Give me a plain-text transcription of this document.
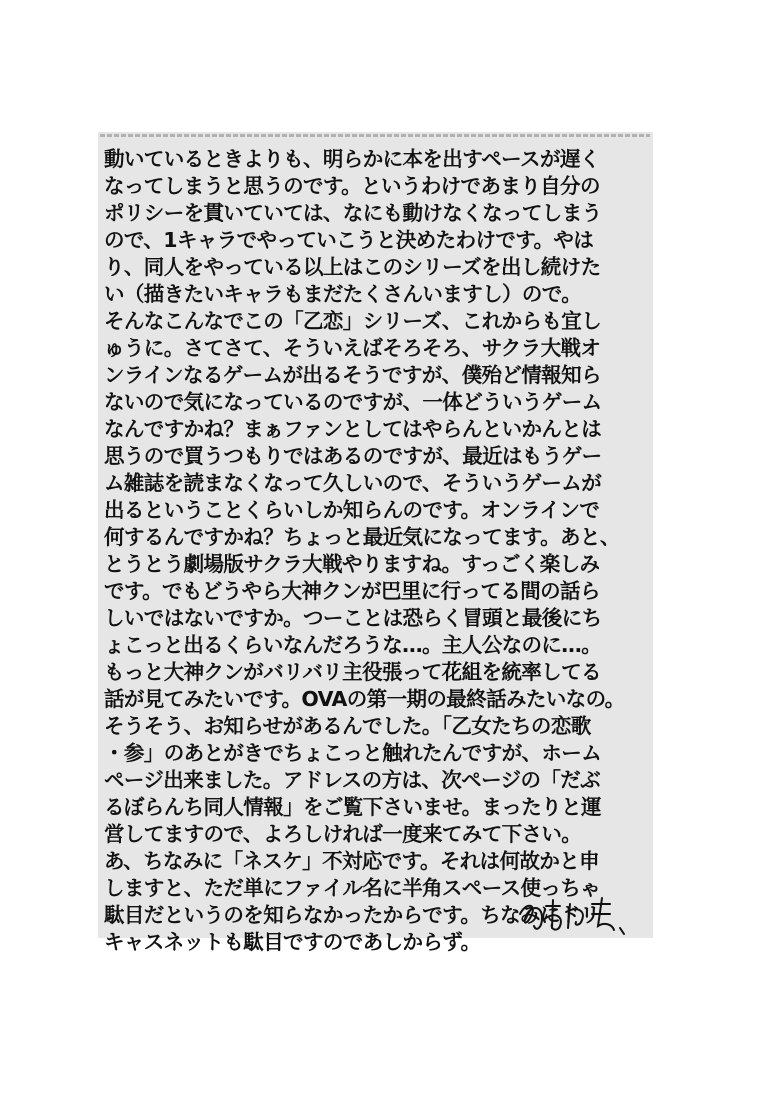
動いているときよりも、明らかに本を出すペースが遅く
なってしまうと思うのです。というわけであまり自分の
ポリシーを貫いていては、なにも動けなくなってしまう
ので、1キャラでやっていこうと決めたわけです。やは
り、同人をやっている以上はこのシリーズを出し続けた
い（描きたいキャラもまだたくさんいますし）ので。
そんなこんなでこの「乙恋」シリーズ、これからも宜し
ゅうに。さてさて、そういえばそろそろ、サクラ大戦オ
ンラインなるゲームが出るそうですが、僕殆ど情報知ら
ないので気になっているのですが、一体どういうゲーム
なんですかね？まぁファンとしてはやらんといかんとは
思うので買うつもりではあるのですが、最近はもうゲー
ム雑誌を読まなくなって久しいので、そういうゲームが
出るということくらいしか知らんのです。オンラインで
何するんですかね？ちょっと最近気になってます。あと、
とうとう劇場版サクラ大戦やりますね。すっごく楽しみ
です。でもどうやら大神クンが巴里に行ってる間の話ら
しいではないですか。つーことは恐らく冒頭と最後にち
ょこっと出るくらいなんだろうな…。主人公なのに…。
もっと大神クンがバリバリ主役張って花組を統率してる
話が見てみたいです。OVAの第一期の最終話みたいなの。
そうそう、お知らせがあるんでした。「乙女たちの恋歌
・参」のあとがきでちょこっと触れたんですが、ホーム
ページ出来ました。アドレスの方は、次ページの「だぶ
るぼらんち同人情報」をご覧下さいませ。まったりと運
営してますので、よろしければ一度来てみて下さい。
あ、ちなみに「ネスケ」不対応です。それは何故かと申
しますと、ただ単にファイル名に半角スペース使っちゃ
駄目だというのを知らなかったからです。ちなみにドリ
キャスネットも駄目ですのであしからず。
